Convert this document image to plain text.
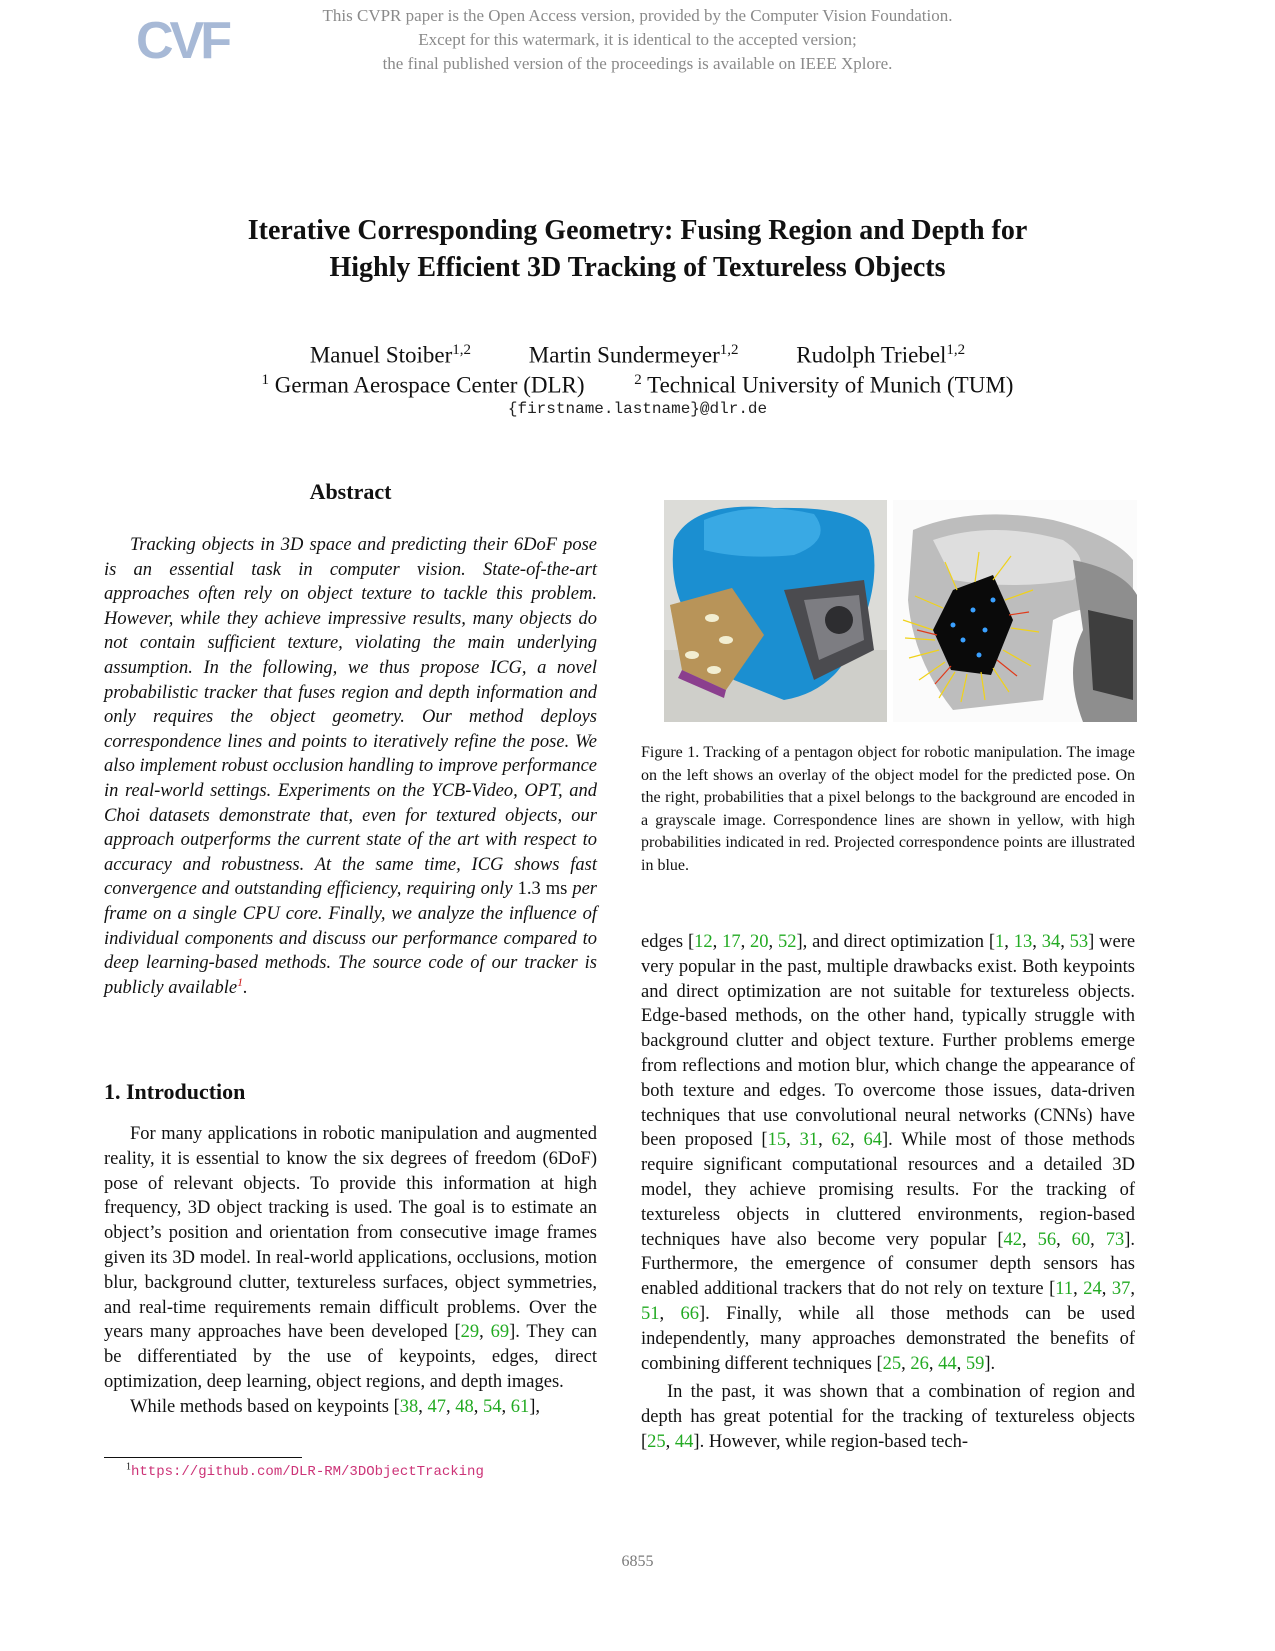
CVF	This CVPR paper is the Open Access version, provided by the Computer Vision Foundation.
Except for this watermark, it is identical to the accepted version;
the final published version of the proceedings is available on IEEE Xplore.
Iterative Corresponding Geometry: Fusing Region and Depth for
Highly Efficient 3D Tracking of Textureless Objects
Manuel Stoiber$^{1,2}$	Martin Sundermeyer$^{1,2}$	Rudolph Triebel$^{1,2}$
$^1$ German Aerospace Center (DLR)	$^2$ Technical University of Munich (TUM)
{firstname.lastname}@dlr.de
Abstract

Tracking objects in 3D space and predicting their 6DoF pose is an essential task in computer vision. State-of-the-art approaches often rely on object texture to tackle this problem. However, while they achieve impressive results, many objects do not contain sufficient texture, violating the main underlying assumption. In the following, we thus propose ICG, a novel probabilistic tracker that fuses region and depth information and only requires the object geometry. Our method deploys correspondence lines and points to iteratively refine the pose. We also implement robust occlusion handling to improve performance in real-world settings. Experiments on the YCB-Video, OPT, and Choi datasets demonstrate that, even for textured objects, our approach outperforms the current state of the art with respect to accuracy and robustness. At the same time, ICG shows fast convergence and outstanding efficiency, requiring only 1.3 ms per frame on a single CPU core. Finally, we analyze the influence of individual components and discuss our performance compared to deep learning-based methods. The source code of our tracker is publicly available$^1$.

1. Introduction

For many applications in robotic manipulation and augmented reality, it is essential to know the six degrees of freedom (6DoF) pose of relevant objects. To provide this information at high frequency, 3D object tracking is used. The goal is to estimate an object’s position and orientation from consecutive image frames given its 3D model. In real-world applications, occlusions, motion blur, background clutter, textureless surfaces, object symmetries, and real-time requirements remain difficult problems. Over the years many approaches have been developed [29, 69]. They can be differentiated by the use of keypoints, edges, direct optimization, deep learning, object regions, and depth images.

While methods based on keypoints [38, 47, 48, 54, 61],

$^1$https://github.com/DLR-RM/3DObjectTracking

Figure 1. Tracking of a pentagon object for robotic manipulation. The image on the left shows an overlay of the object model for the predicted pose. On the right, probabilities that a pixel belongs to the background are encoded in a grayscale image. Correspondence lines are shown in yellow, with high probabilities indicated in red. Projected correspondence points are illustrated in blue.

edges [12, 17, 20, 52], and direct optimization [1, 13, 34, 53] were very popular in the past, multiple drawbacks exist. Both keypoints and direct optimization are not suitable for textureless objects. Edge-based methods, on the other hand, typically struggle with background clutter and object texture. Further problems emerge from reflections and motion blur, which change the appearance of both texture and edges. To overcome those issues, data-driven techniques that use convolutional neural networks (CNNs) have been proposed [15, 31, 62, 64]. While most of those methods require significant computational resources and a detailed 3D model, they achieve promising results. For the tracking of textureless objects in cluttered environments, region-based techniques have also become very popular [42, 56, 60, 73]. Furthermore, the emergence of consumer depth sensors has enabled additional trackers that do not rely on texture [11, 24, 37, 51, 66]. Finally, while all those methods can be used independently, many approaches demonstrated the benefits of combining different techniques [25, 26, 44, 59].

In the past, it was shown that a combination of region and depth has great potential for the tracking of textureless objects [25, 44]. However, while region-based tech-

6855
